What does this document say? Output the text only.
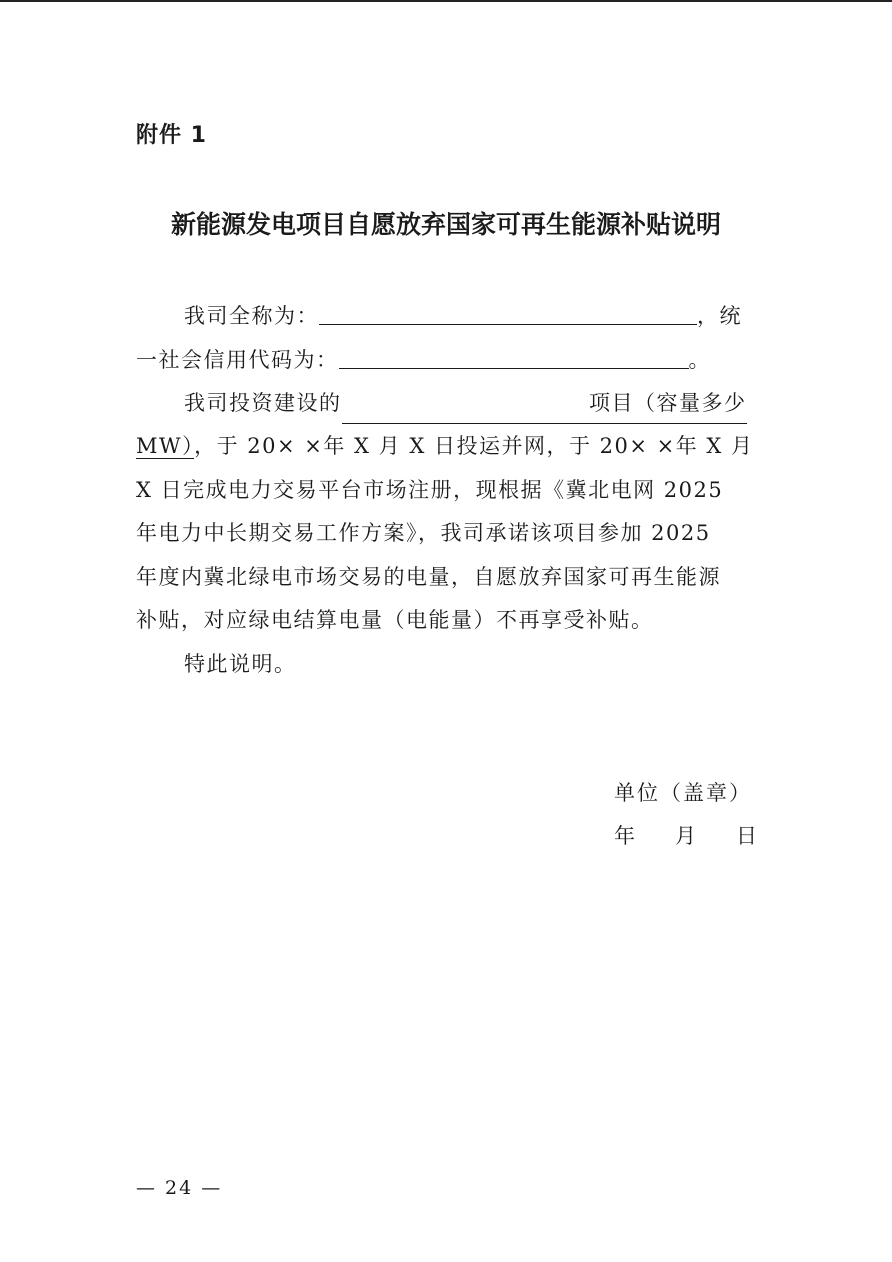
附件 1
新能源发电项目自愿放弃国家可再生能源补贴说明
我司全称为：	，统
一社会信用代码为：	。
我司投资建设的	项目（容量多少
MW），于 20× ×年 X 月 X 日投运并网，于 20× ×年 X 月
X 日完成电力交易平台市场注册，现根据《冀北电网 2025
年电力中长期交易工作方案》，我司承诺该项目参加 2025
年度内冀北绿电市场交易的电量，自愿放弃国家可再生能源
补贴，对应绿电结算电量（电能量）不再享受补贴。
特此说明。
单位（盖章）
年 月 日
— 24 —
